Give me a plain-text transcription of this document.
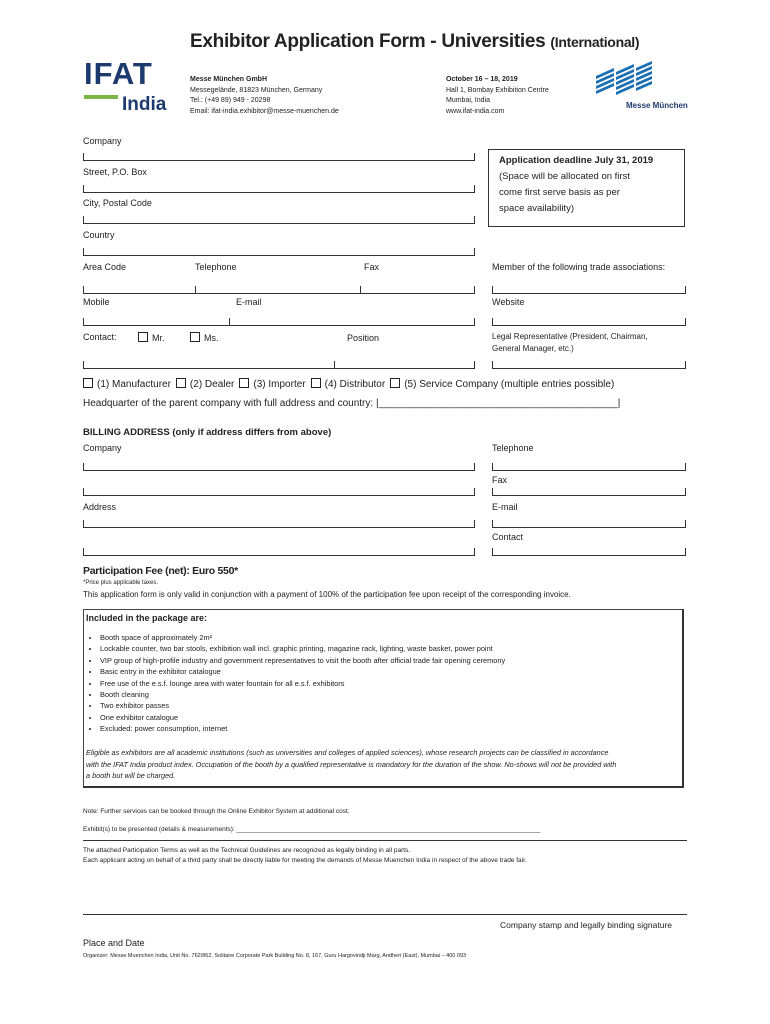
Exhibitor Application Form - Universities (International)
IFAT
India
Messe München GmbH
Messegelände, 81823 München, Germany
Tel.: (+49 89) 949 - 20298
Email: ifat-india.exhibitor@messe-muenchen.de
October 16 – 18, 2019
Hall 1, Bombay Exhibition Centre
Mumbai, India
www.ifat-india.com
Messe München
Company
Street, P.O. Box
City, Postal Code
Country
Application deadline July 31, 2019
(Space will be allocated on first
come first serve basis as per
space availability)
Area Code	Telephone	Fax	Member of the following trade associations:
Mobile	E-mail	Website
Contact:	Mr.	Ms.	Position	Legal Representative (President, Chairman,
General Manager, etc.)
(1) Manufacturer (2) Dealer (3) Importer (4) Distributor (5) Service Company (multiple entries possible)
Headquarter of the parent company with full address and country: |___________________________________________|
BILLING ADDRESS (only if address differs from above)
Company	Telephone
Fax
Address	E-mail
Contact
Participation Fee (net): Euro 550*
*Price plus applicable taxes.
This application form is only valid in conjunction with a payment of 100% of the participation fee upon receipt of the corresponding invoice.
Included in the package are:
• Booth space of approximately 2m²
• Lockable counter, two bar stools, exhibition wall incl. graphic printing, magazine rack, lighting, waste basket, power point
• VIP group of high-profile industry and government representatives to visit the booth after official trade fair opening ceremony
• Basic entry in the exhibitor catalogue
• Free use of the e.s.f. lounge area with water fountain for all e.s.f. exhibitors
• Booth cleaning
• Two exhibitor passes
• One exhibitor catalogue
• Excluded: power consumption, internet
Eligible as exhibitors are all academic institutions (such as universities and colleges of applied sciences), whose research projects can be classified in accordance
with the IFAT India product index. Occupation of the booth by a qualified representative is mandatory for the duration of the show. No-shows will not be provided with
a booth but will be charged.
Note: Further services can be booked through the Online Exhibitor System at additional cost.
Exhibit(s) to be presented (details & measurements): ____________________________________________________________________________________
The attached Participation Terms as well as the Technical Guidelines are recognized as legally binding in all parts.
Each applicant acting on behalf of a third party shall be directly liable for meeting the demands of Messe Muenchen India in respect of the above trade fair.
Company stamp and legally binding signature
Place and Date
Organizer: Messe Muenchen India, Unit No. 762/862, Solitaire Corporate Park Building No. 8, 167, Guru Hargovindji Marg, Andheri (East), Mumbai – 400 093
